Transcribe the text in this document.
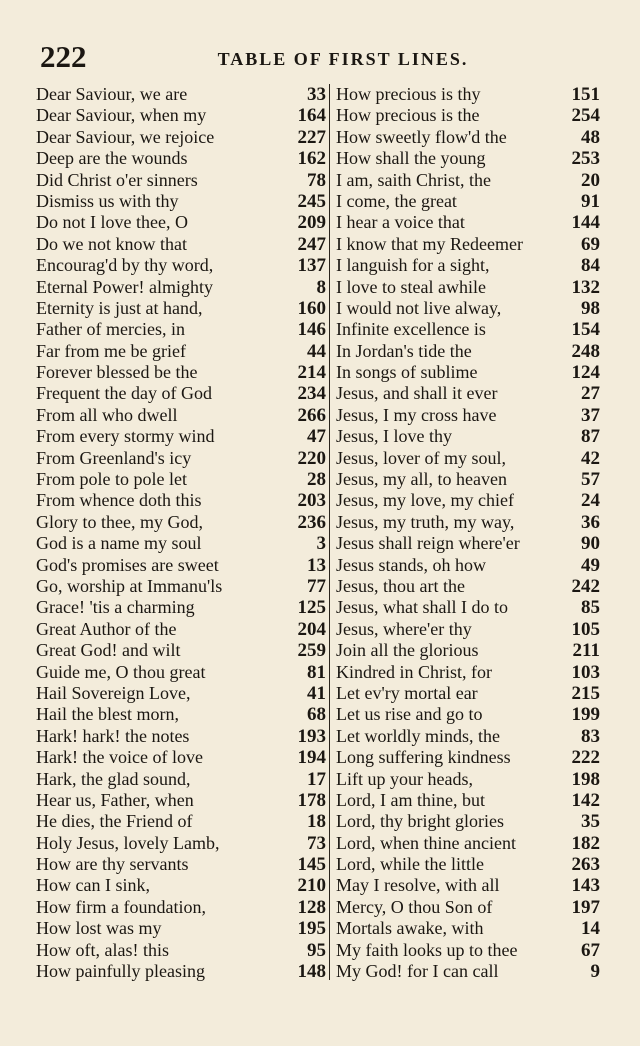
222	TABLE OF FIRST LINES.
Dear Saviour, we are	33
Dear Saviour, when my	164
Dear Saviour, we rejoice	227
Deep are the wounds	162
Did Christ o'er sinners	78
Dismiss us with thy	245
Do not I love thee, O	209
Do we not know that	247
Encourag'd by thy word,	137
Eternal Power! almighty	8
Eternity is just at hand,	160
Father of mercies, in	146
Far from me be grief	44
Forever blessed be the	214
Frequent the day of God	234
From all who dwell	266
From every stormy wind	47
From Greenland's icy	220
From pole to pole let	28
From whence doth this	203
Glory to thee, my God,	236
God is a name my soul	3
God's promises are sweet	13
Go, worship at Immanu'ls	77
Grace! 'tis a charming	125
Great Author of the	204
Great God! and wilt	259
Guide me, O thou great	81
Hail Sovereign Love,	41
Hail the blest morn,	68
Hark! hark! the notes	193
Hark! the voice of love	194
Hark, the glad sound,	17
Hear us, Father, when	178
He dies, the Friend of	18
Holy Jesus, lovely Lamb,	73
How are thy servants	145
How can I sink,	210
How firm a foundation,	128
How lost was my	195
How oft, alas! this	95
How painfully pleasing	148
How precious is thy	151
How precious is the	254
How sweetly flow'd the	48
How shall the young	253
I am, saith Christ, the	20
I come, the great	91
I hear a voice that	144
I know that my Redeemer	69
I languish for a sight,	84
I love to steal awhile	132
I would not live alway,	98
Infinite excellence is	154
In Jordan's tide the	248
In songs of sublime	124
Jesus, and shall it ever	27
Jesus, I my cross have	37
Jesus, I love thy	87
Jesus, lover of my soul,	42
Jesus, my all, to heaven	57
Jesus, my love, my chief	24
Jesus, my truth, my way,	36
Jesus shall reign where'er	90
Jesus stands, oh how	49
Jesus, thou art the	242
Jesus, what shall I do to	85
Jesus, where'er thy	105
Join all the glorious	211
Kindred in Christ, for	103
Let ev'ry mortal ear	215
Let us rise and go to	199
Let worldly minds, the	83
Long suffering kindness	222
Lift up your heads,	198
Lord, I am thine, but	142
Lord, thy bright glories	35
Lord, when thine ancient	182
Lord, while the little	263
May I resolve, with all	143
Mercy, O thou Son of	197
Mortals awake, with	14
My faith looks up to thee	67
My God! for I can call	9
